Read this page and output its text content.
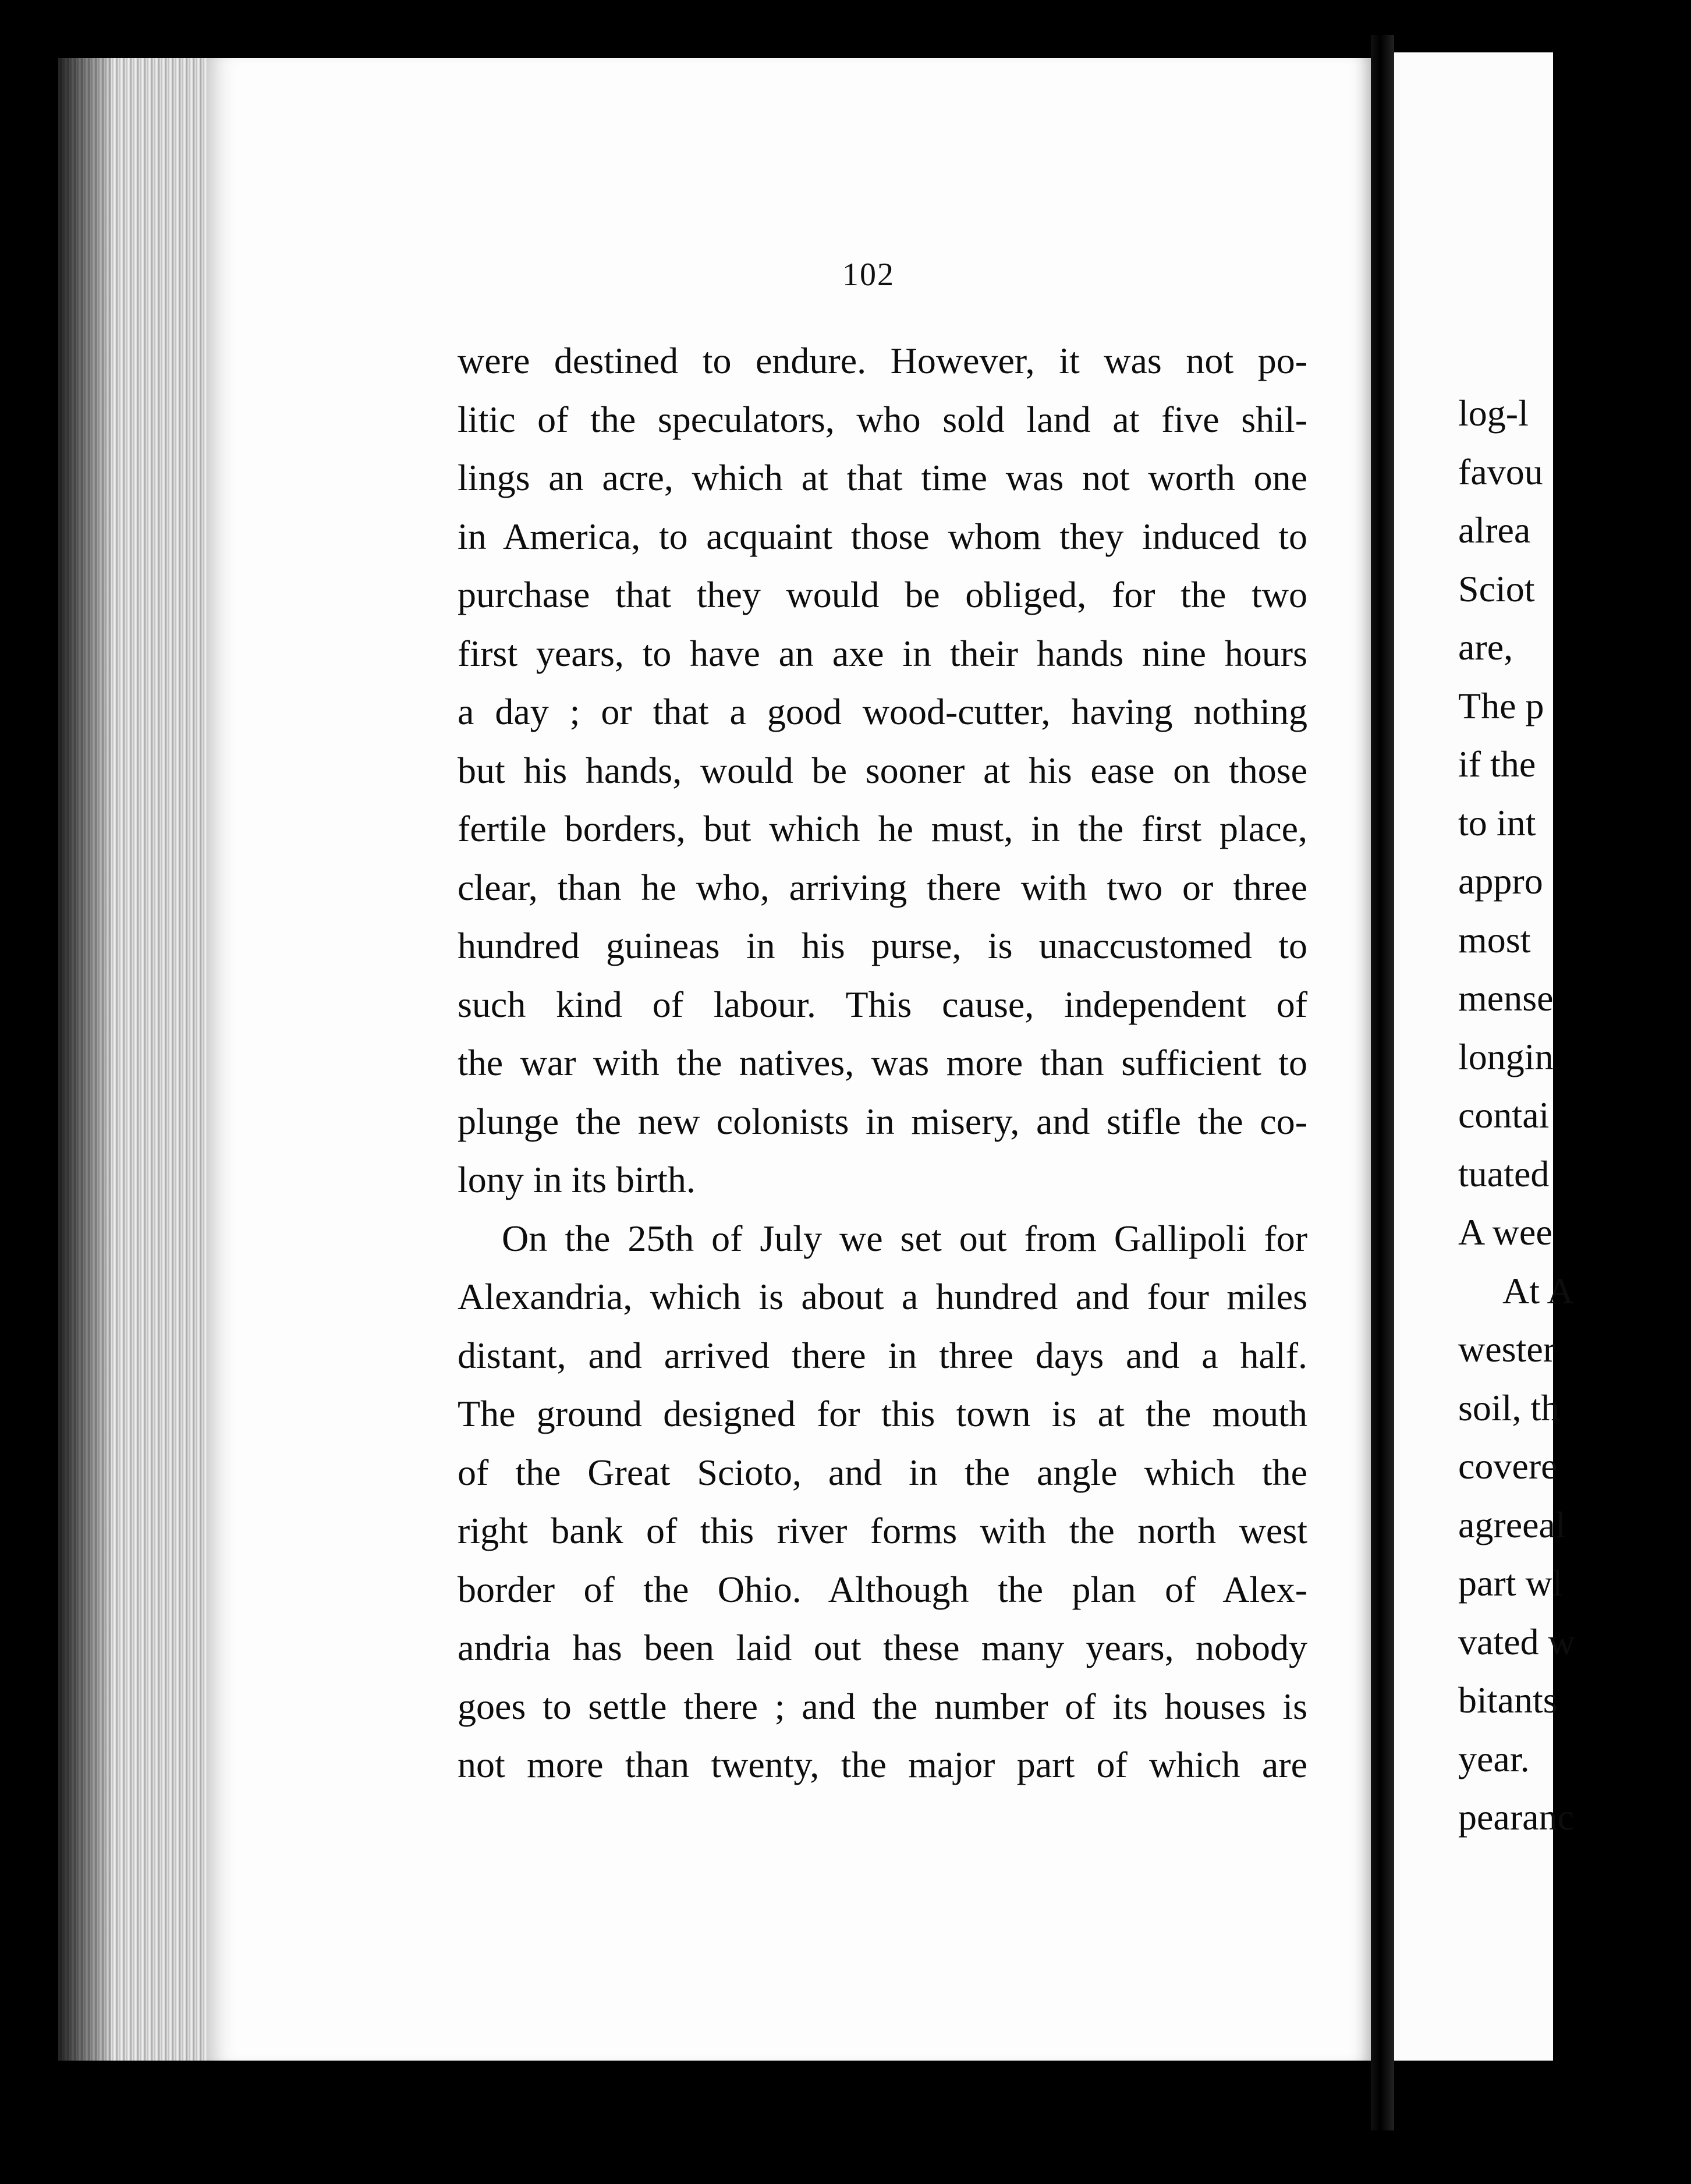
log-l
favou
alrea
Sciot
are,
The p
if the
to int
appro
most
mense
longin
contai
tuated
A wee
At A
wester
soil, th
covere
agreeal
part wl
vated w
bitants
year.
pearanc
102
were destined to endure. However, it was not po-
litic of the speculators, who sold land at five shil-
lings an acre, which at that time was not worth one
in America, to acquaint those whom they induced to
purchase that they would be obliged, for the two
first years, to have an axe in their hands nine hours
a day ; or that a good wood-cutter, having nothing
but his hands, would be sooner at his ease on those
fertile borders, but which he must, in the first place,
clear, than he who, arriving there with two or three
hundred guineas in his purse, is unaccustomed to
such kind of labour. This cause, independent of
the war with the natives, was more than sufficient to
plunge the new colonists in misery, and stifle the co-
lony in its birth.
On the 25th of July we set out from Gallipoli for
Alexandria, which is about a hundred and four miles
distant, and arrived there in three days and a half.
The ground designed for this town is at the mouth
of the Great Scioto, and in the angle which the
right bank of this river forms with the north west
border of the Ohio. Although the plan of Alex-
andria has been laid out these many years, nobody
goes to settle there ; and the number of its houses is
not more than twenty, the major part of which are
